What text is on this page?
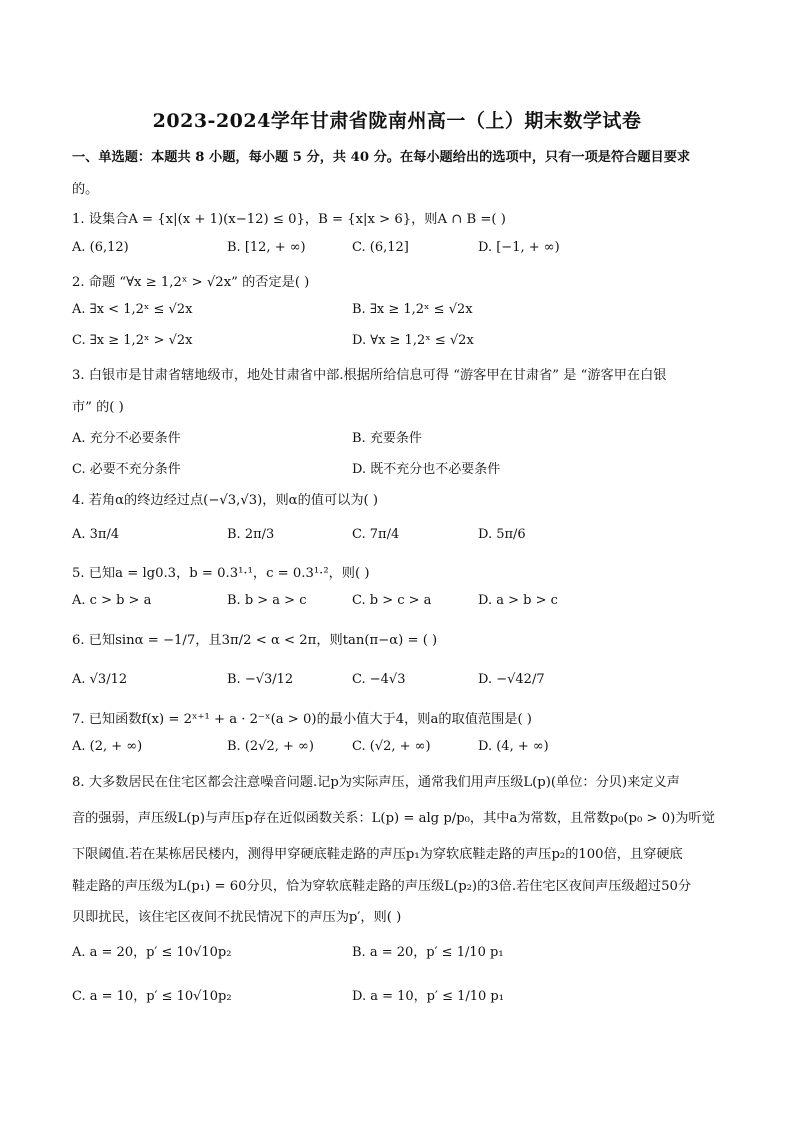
2023-2024学年甘肃省陇南州高一（上）期末数学试卷
一、单选题：本题共 8 小题，每小题 5 分，共 40 分。在每小题给出的选项中，只有一项是符合题目要求
的。
1. 设集合A = {x|(x + 1)(x−12) ≤ 0}，B = {x|x > 6}，则A ∩ B =( )
A. (6,12)	B. [12, + ∞)	C. (6,12]	D. [−1, + ∞)
2. 命题 “∀x ≥ 1,2ˣ > √2x” 的否定是( )
A. ∃x < 1,2ˣ ≤ √2x	B. ∃x ≥ 1,2ˣ ≤ √2x
C. ∃x ≥ 1,2ˣ > √2x	D. ∀x ≥ 1,2ˣ ≤ √2x
3. 白银市是甘肃省辖地级市，地处甘肃省中部.根据所给信息可得 “游客甲在甘肃省” 是 “游客甲在白银
市” 的( )
A. 充分不必要条件	B. 充要条件
C. 必要不充分条件	D. 既不充分也不必要条件
4. 若角α的终边经过点(−√3,√3)，则α的值可以为( )
A. 3π/4	B. 2π/3	C. 7π/4	D. 5π/6
5. 已知a = lg0.3，b = 0.3¹·¹，c = 0.3¹·²，则( )
A. c > b > a	B. b > a > c	C. b > c > a	D. a > b > c
6. 已知sinα = −1/7，且3π/2 < α < 2π，则tan(π−α) = ( )
A. √3/12	B. −√3/12	C. −4√3	D. −√42/7
7. 已知函数f(x) = 2ˣ⁺¹ + a · 2⁻ˣ(a > 0)的最小值大于4，则a的取值范围是( )
A. (2, + ∞)	B. (2√2, + ∞)	C. (√2, + ∞)	D. (4, + ∞)
8. 大多数居民在住宅区都会注意噪音问题.记p为实际声压，通常我们用声压级L(p)(单位：分贝)来定义声
音的强弱，声压级L(p)与声压p存在近似函数关系：L(p) = alg p/p₀，其中a为常数，且常数p₀(p₀ > 0)为听觉
下限阈值.若在某栋居民楼内，测得甲穿硬底鞋走路的声压p₁为穿软底鞋走路的声压p₂的100倍，且穿硬底
鞋走路的声压级为L(p₁) = 60分贝，恰为穿软底鞋走路的声压级L(p₂)的3倍.若住宅区夜间声压级超过50分
贝即扰民，该住宅区夜间不扰民情况下的声压为p′，则( )
A. a = 20，p′ ≤ 10√10p₂	B. a = 20，p′ ≤ 1/10 p₁
C. a = 10，p′ ≤ 10√10p₂	D. a = 10，p′ ≤ 1/10 p₁
